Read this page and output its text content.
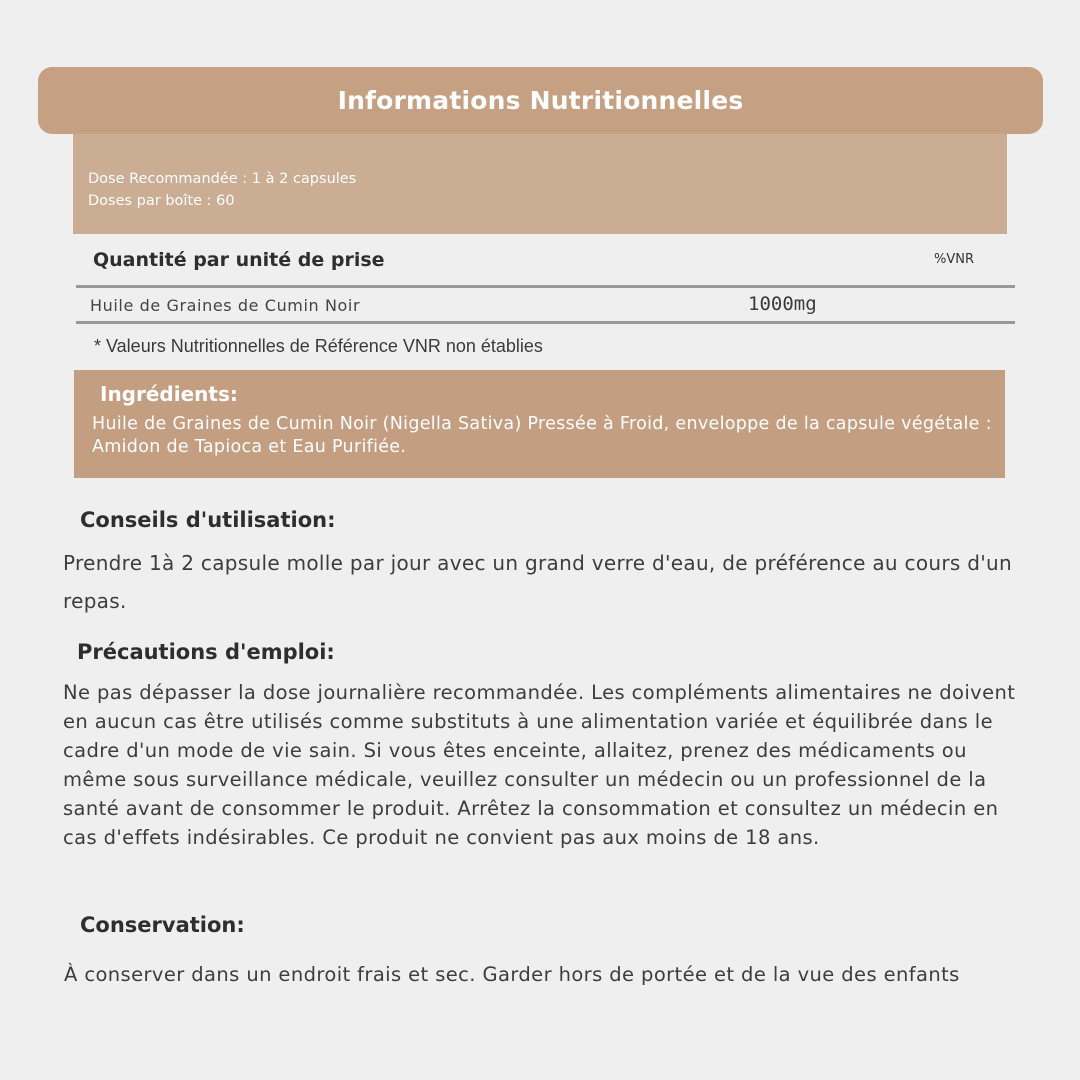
Informations Nutritionnelles
Dose Recommandée : 1 à 2 capsules
Doses par boîte : 60
Quantité par unité de prise	%VNR
Huile de Graines de Cumin Noir	1000mg
* Valeurs Nutritionnelles de Référence VNR non établies
Ingrédients:
Huile de Graines de Cumin Noir (Nigella Sativa) Pressée à Froid, enveloppe de la capsule végétale : Amidon de Tapioca et Eau Purifiée.
Conseils d'utilisation:
Prendre 1à 2 capsule molle par jour avec un grand verre d'eau, de préférence au cours d'un repas.
Précautions d'emploi:
Ne pas dépasser la dose journalière recommandée. Les compléments alimentaires ne doivent en aucun cas être utilisés comme substituts à une alimentation variée et équilibrée dans le cadre d'un mode de vie sain. Si vous êtes enceinte, allaitez, prenez des médicaments ou même sous surveillance médicale, veuillez consulter un médecin ou un professionnel de la santé avant de consommer le produit. Arrêtez la consommation et consultez un médecin en cas d'effets indésirables. Ce produit ne convient pas aux moins de 18 ans.
Conservation:
À conserver dans un endroit frais et sec. Garder hors de portée et de la vue des enfants
